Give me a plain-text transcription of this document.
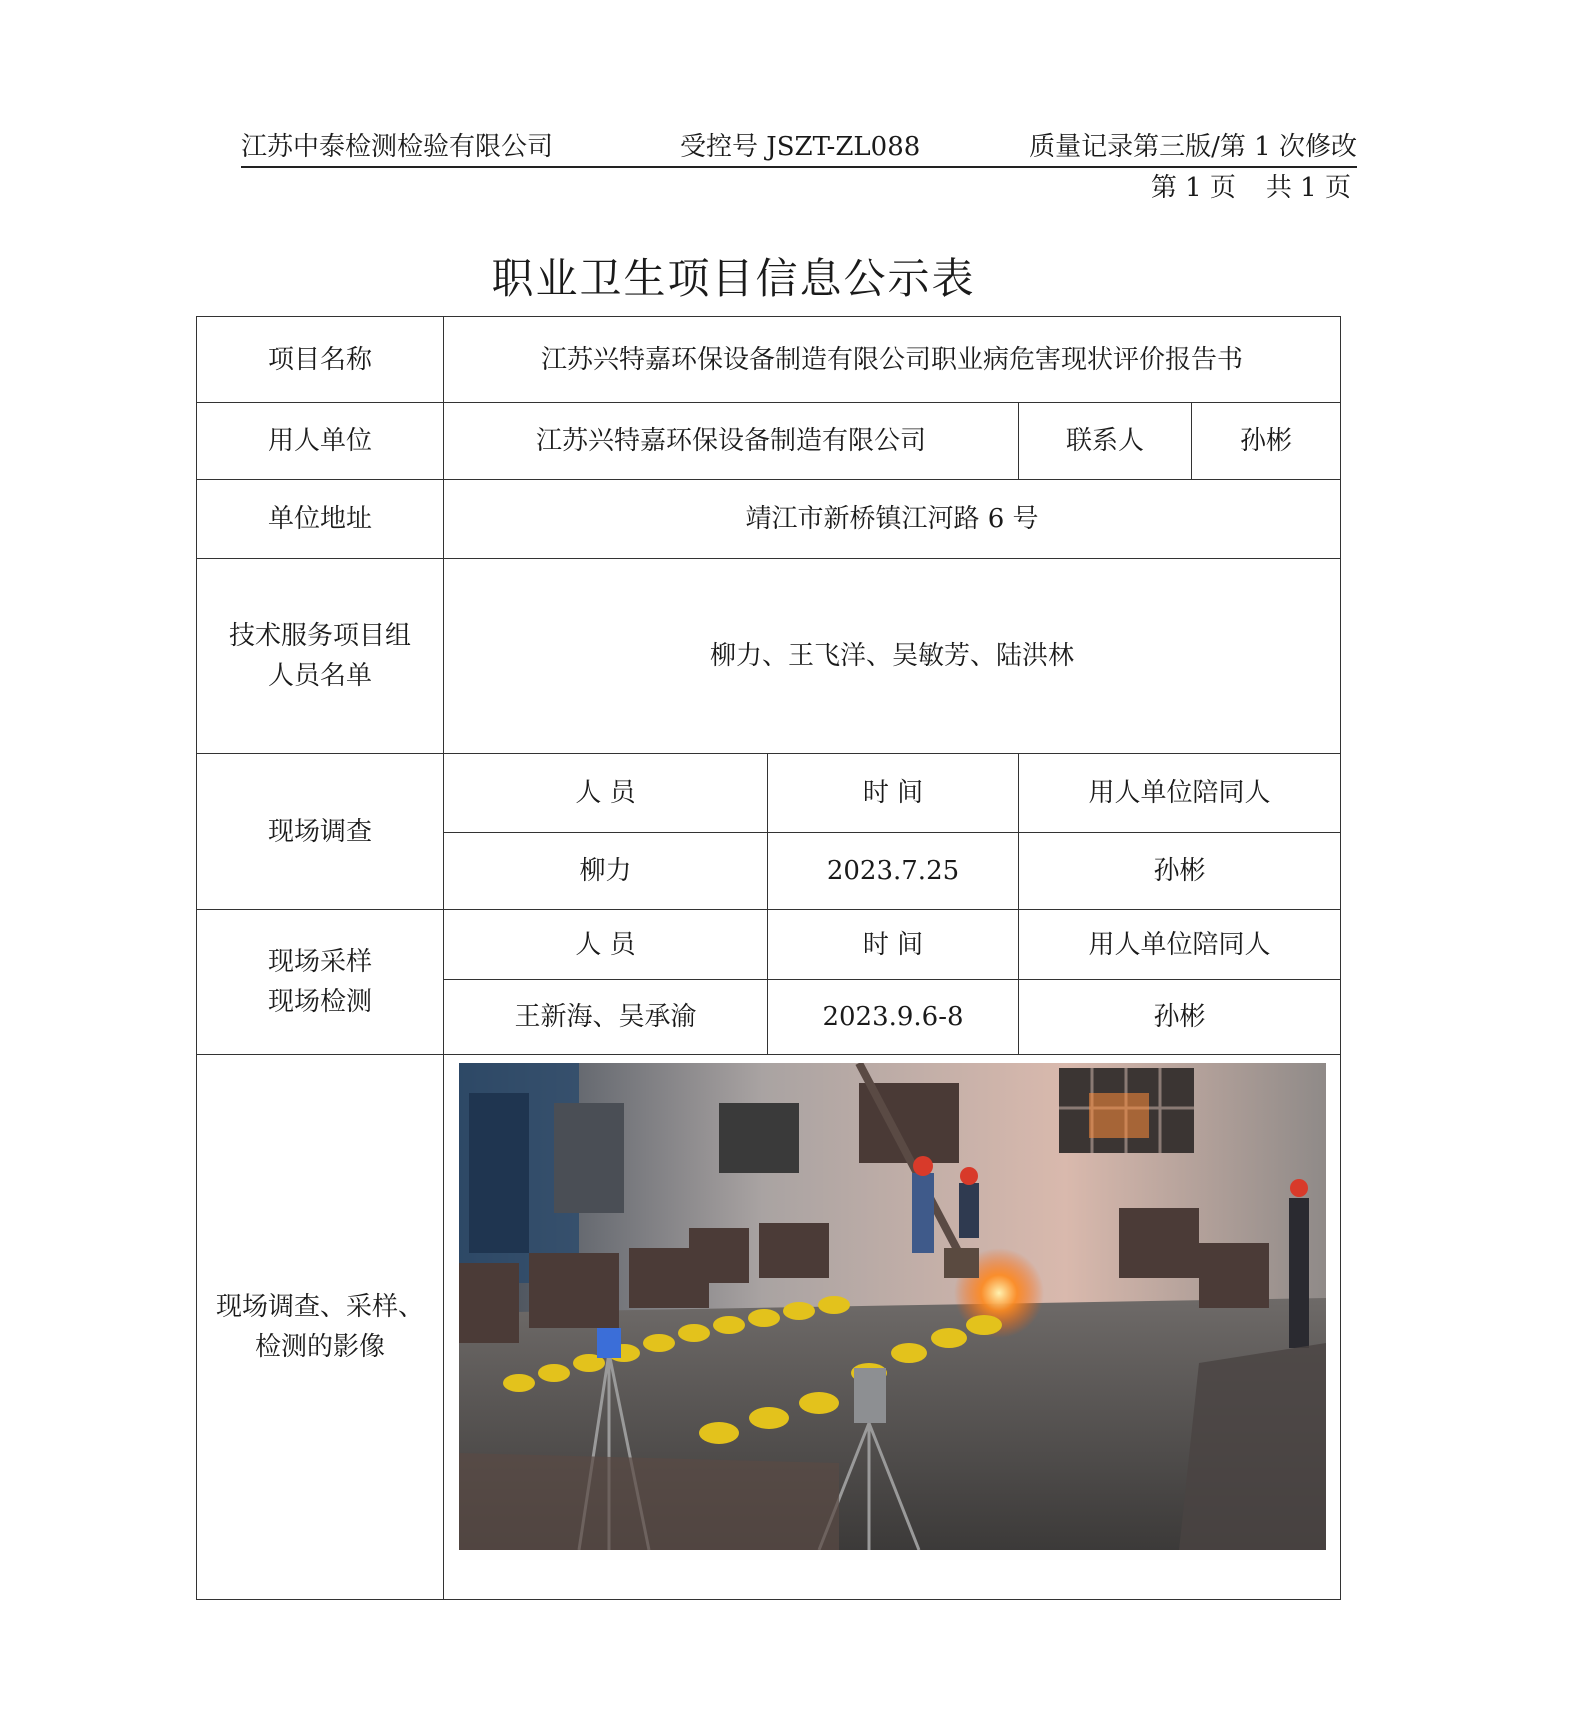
江苏中泰检测检验有限公司	受控号 JSZT-ZL088	质量记录第三版/第 1 次修改
第 1 页 共 1 页
职业卫生项目信息公示表
项目名称	江苏兴特嘉环保设备制造有限公司职业病危害现状评价报告书			
用人单位	江苏兴特嘉环保设备制造有限公司		联系人	孙彬
单位地址	靖江市新桥镇江河路 6 号			

技术服务项目组
人员名单	柳力、王飞洋、吴敏芳、陆洪林			
现场调查	人 员	时 间	用人单位陪同人	
	柳力	2023.7.25	孙彬	

现场采样
现场检测	人 员	时 间	用人单位陪同人	
	王新海、吴承渝	2023.9.6-8	孙彬	

现场调查、采样、
检测的影像
